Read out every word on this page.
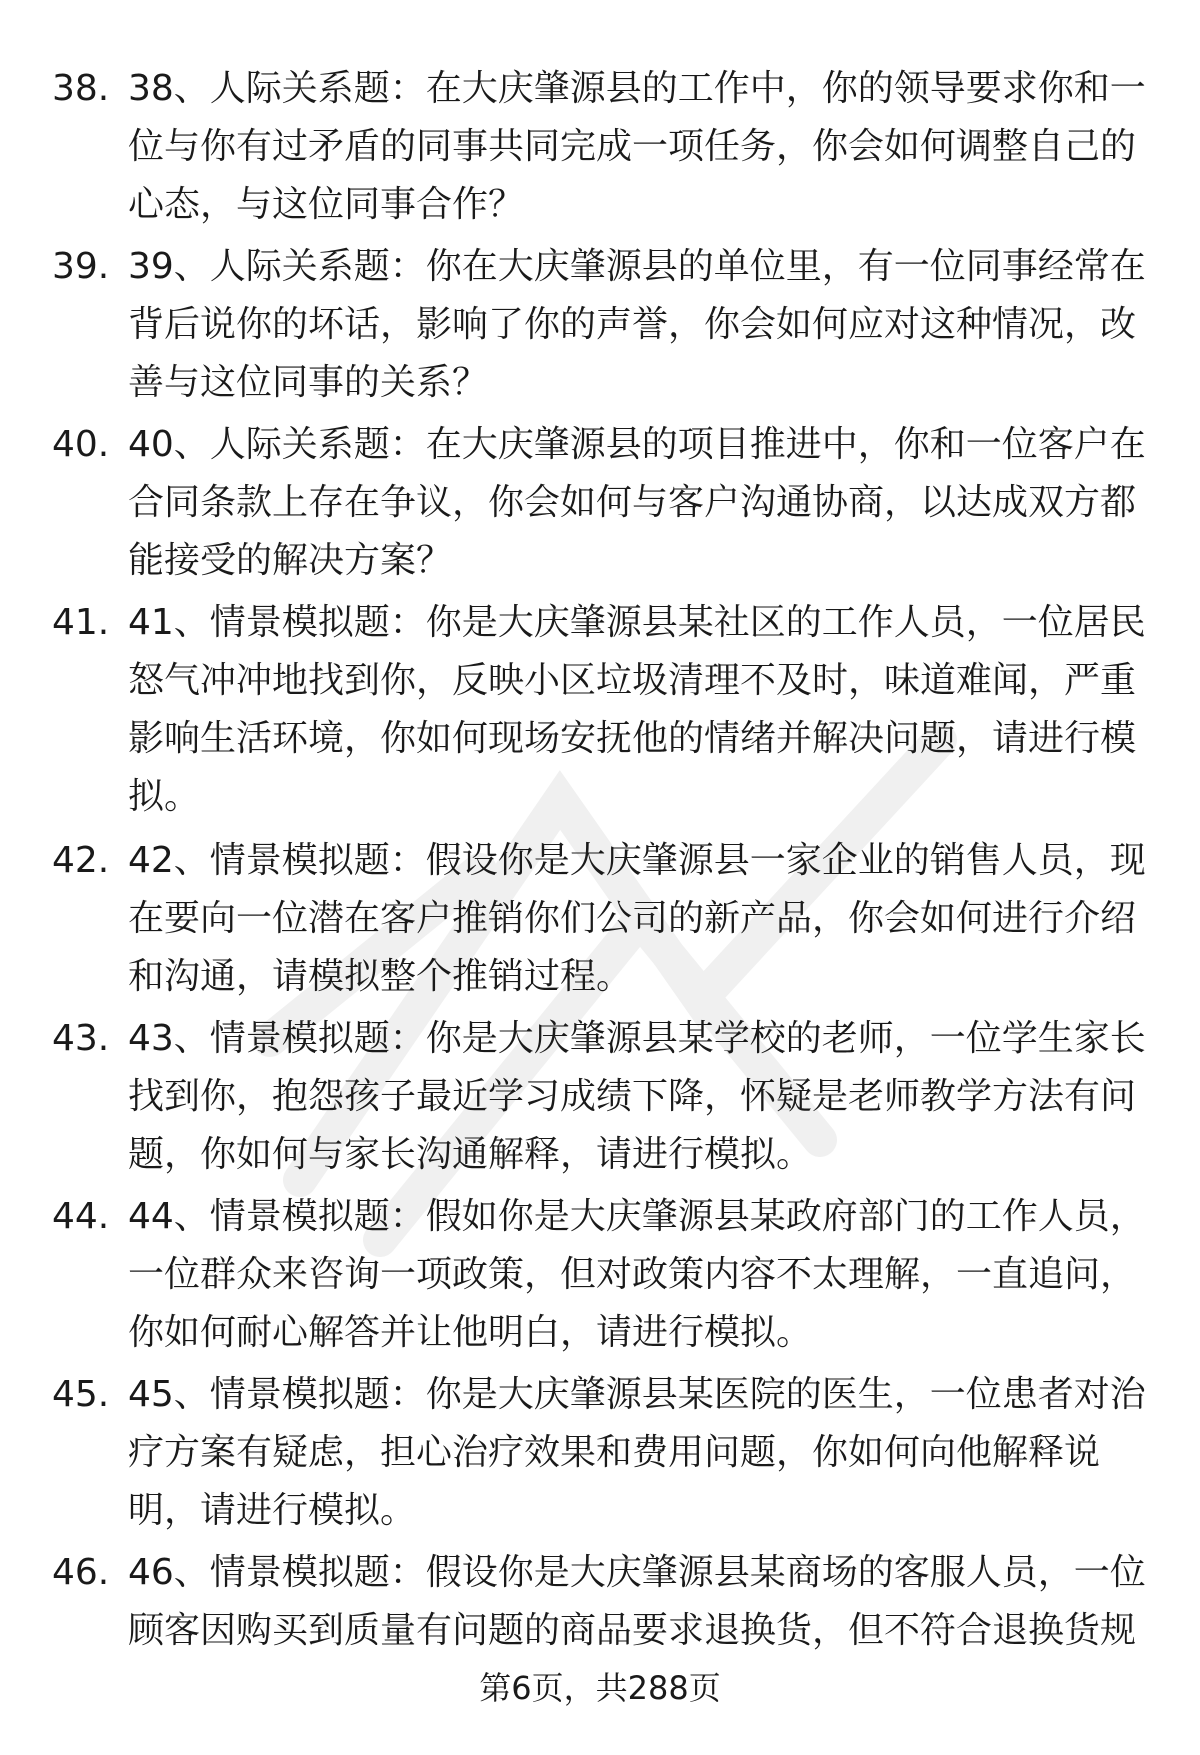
38. 38、人际关系题：在大庆肇源县的工作中，你的领导要求你和一位与你有过矛盾的同事共同完成一项任务，你会如何调整自己的心态，与这位同事合作？
39. 39、人际关系题：你在大庆肇源县的单位里，有一位同事经常在背后说你的坏话，影响了你的声誉，你会如何应对这种情况，改善与这位同事的关系？
40. 40、人际关系题：在大庆肇源县的项目推进中，你和一位客户在合同条款上存在争议，你会如何与客户沟通协商，以达成双方都能接受的解决方案？
41. 41、情景模拟题：你是大庆肇源县某社区的工作人员，一位居民怒气冲冲地找到你，反映小区垃圾清理不及时，味道难闻，严重影响生活环境，你如何现场安抚他的情绪并解决问题，请进行模拟。
42. 42、情景模拟题：假设你是大庆肇源县一家企业的销售人员，现在要向一位潜在客户推销你们公司的新产品，你会如何进行介绍和沟通，请模拟整个推销过程。
43. 43、情景模拟题：你是大庆肇源县某学校的老师，一位学生家长找到你，抱怨孩子最近学习成绩下降，怀疑是老师教学方法有问题，你如何与家长沟通解释，请进行模拟。
44. 44、情景模拟题：假如你是大庆肇源县某政府部门的工作人员，一位群众来咨询一项政策，但对政策内容不太理解，一直追问，你如何耐心解答并让他明白，请进行模拟。
45. 45、情景模拟题：你是大庆肇源县某医院的医生，一位患者对治疗方案有疑虑，担心治疗效果和费用问题，你如何向他解释说明，请进行模拟。
46. 46、情景模拟题：假设你是大庆肇源县某商场的客服人员，一位顾客因购买到质量有问题的商品要求退换货，但不符合退换货规
第6页，共288页
